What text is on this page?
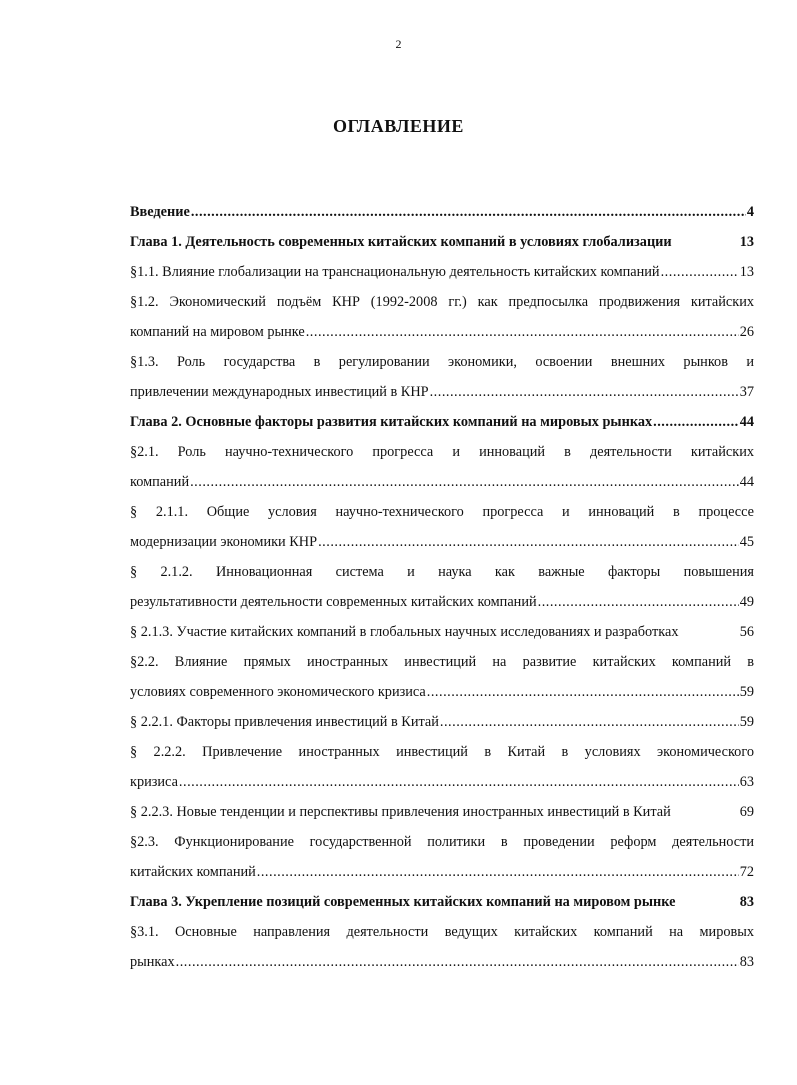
2
ОГЛАВЛЕНИЕ
Введение .....	4
Глава 1. Деятельность современных китайских компаний в условиях глобализации	13
§1.1. Влияние глобализации на транснациональную деятельность китайских компаний .....	13
§1.2. Экономический подъём КНР (1992-2008 гг.) как предпосылка продвижения китайских
компаний на мировом рынке .....	26
§1.3. Роль государства в регулировании экономики, освоении внешних рынков и
привлечении международных инвестиций в КНР .....	37
Глава 2. Основные факторы развития китайских компаний на мировых рынках .....	44
§2.1. Роль научно-технического прогресса и инноваций в деятельности китайских
компаний .....	44
§ 2.1.1. Общие условия научно-технического прогресса и инноваций в процессе
модернизации экономики КНР .....	45
§ 2.1.2. Инновационная система и наука как важные факторы повышения
результативности деятельности современных китайских компаний .....	49
§ 2.1.3. Участие китайских компаний в глобальных научных исследованиях и разработках	56
§2.2. Влияние прямых иностранных инвестиций на развитие китайских компаний в
условиях современного экономического кризиса .....	59
§ 2.2.1. Факторы привлечения инвестиций в Китай .....	59
§ 2.2.2. Привлечение иностранных инвестиций в Китай в условиях экономического
кризиса .....	63
§ 2.2.3. Новые тенденции и перспективы привлечения иностранных инвестиций в Китай	69
§2.3. Функционирование государственной политики в проведении реформ деятельности
китайских компаний .....	72
Глава 3. Укрепление позиций современных китайских компаний на мировом рынке	83
§3.1. Основные направления деятельности ведущих китайских компаний на мировых
рынках .....	83
